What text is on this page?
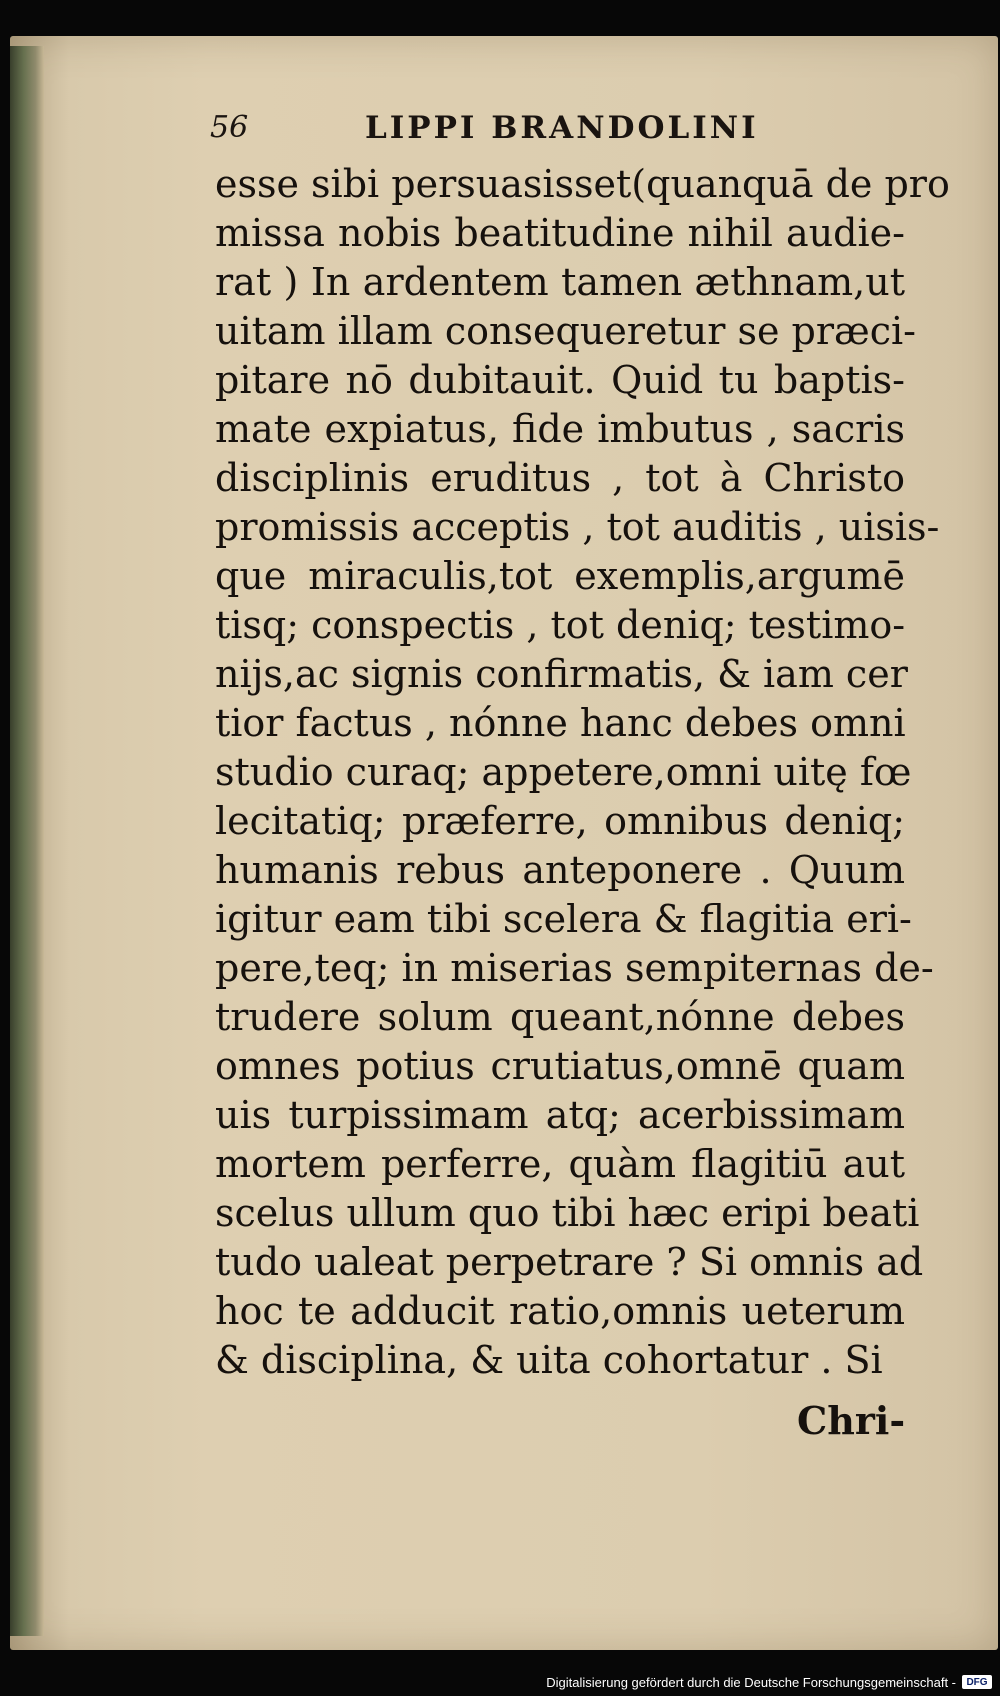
56	LIPPI BRANDOLINI
esse sibi persuasisset(quanquā de pro
missa nobis beatitudine nihil audie-
rat ) In ardentem tamen æthnam,ut
uitam illam consequeretur se præci-
pitare nō dubitauit. Quid tu baptis-
mate expiatus, fide imbutus , sacris
disciplinis eruditus , tot à Christo
promissis acceptis , tot auditis , uisis-
que miraculis,tot exemplis,argumē
tisq; conspectis , tot deniq; testimo-
nijs,ac signis confirmatis, & iam cer
tior factus , nónne hanc debes omni
studio curaq; appetere,omni uitę fœ
lecitatiq; præferre, omnibus deniq;
humanis rebus anteponere . Quum
igitur eam tibi scelera & flagitia eri-
pere,teq; in miserias sempiternas de-
trudere solum queant,nónne debes
omnes potius crutiatus,omnē quam
uis turpissimam atq; acerbissimam
mortem perferre, quàm flagitiū aut
scelus ullum quo tibi hæc eripi beati
tudo ualeat perpetrare ? Si omnis ad
hoc te adducit ratio,omnis ueterum
& disciplina, & uita cohortatur . Si
Chri-
Digitalisierung gefördert durch die Deutsche Forschungsgemeinschaft -	DFG
